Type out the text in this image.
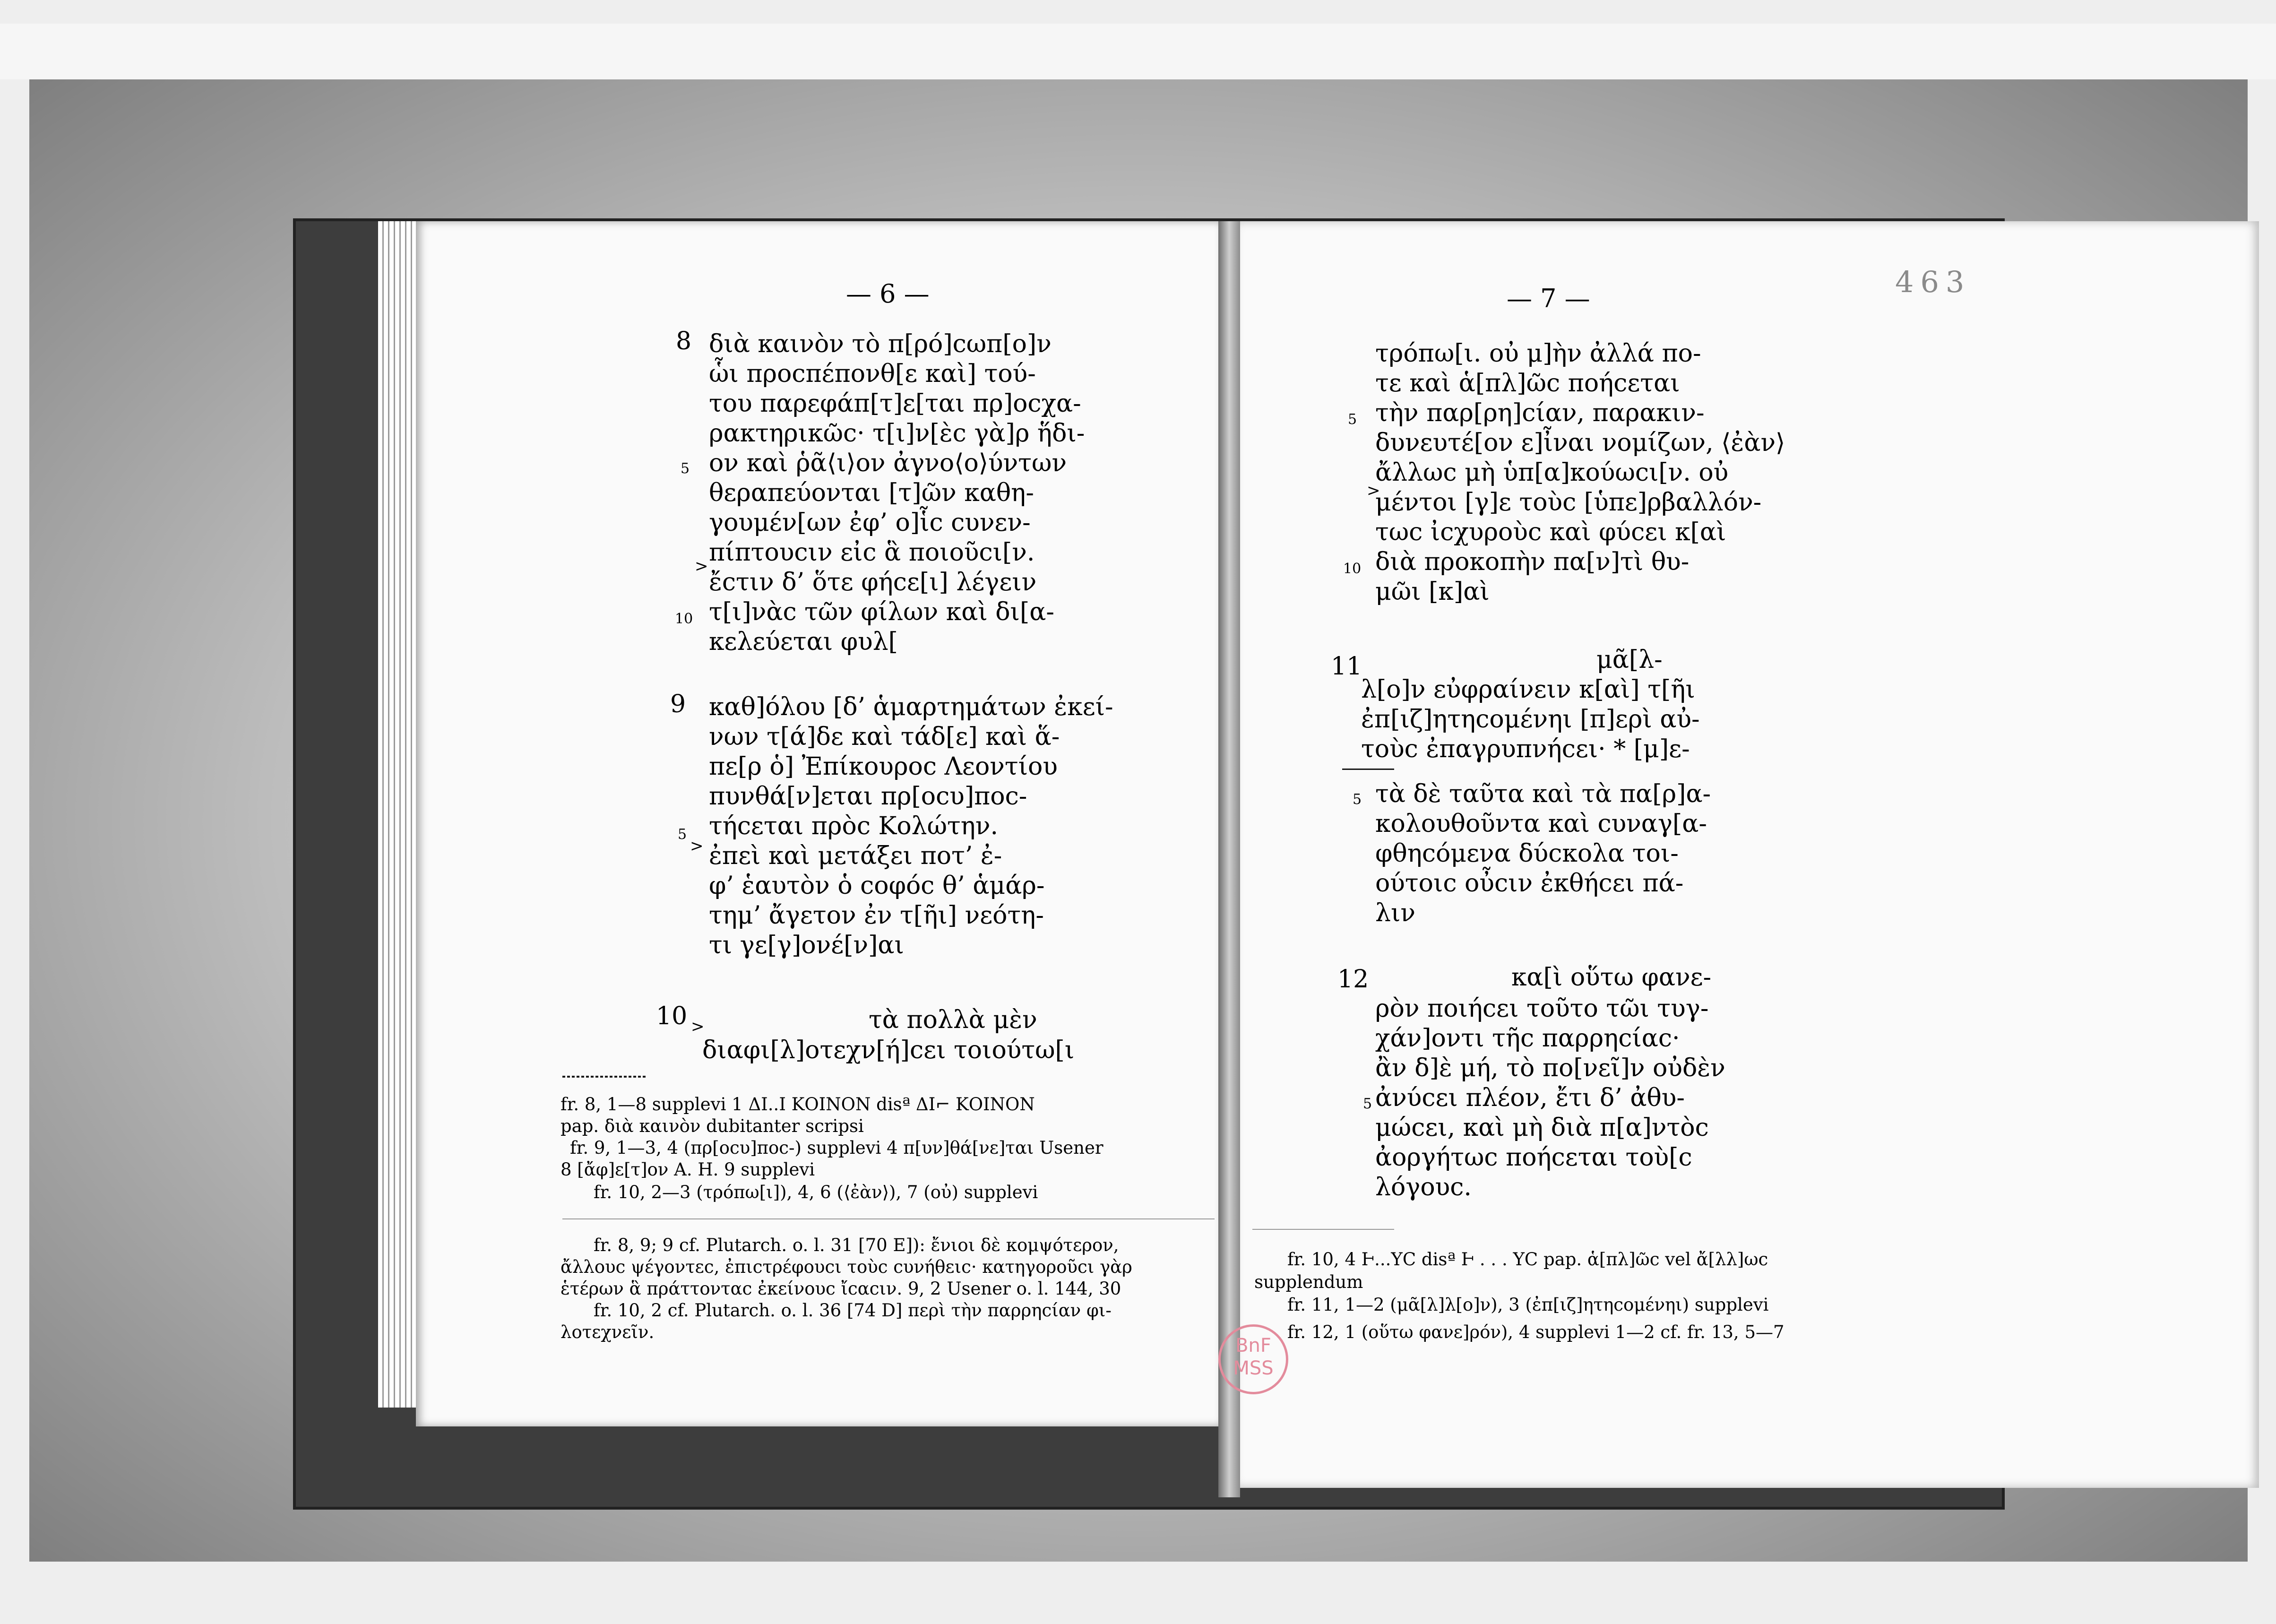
463
— 6 —
8 διὰ καινὸν τὸ π[ρό]cωπ[ο]ν
ὧι προcπέπονθ[ε καὶ] τού-
του παρεφάπ[τ]ε[ται πρ]οcχα-
ρακτηρικῶc· τ[ι]ν[ὲc γὰ]ρ ἥδι-
5 ον καὶ ῥᾶ⟨ι⟩ον ἀγνο⟨ο⟩ύντων
θεραπεύονται [τ]ῶν καθη-
γουμέν[ων ἐφ’ ο]ἷc cυνεν-
> πίπτουcιν εἰc ἃ ποιοῦcι[ν.
ἔcτιν δ’ ὅτε φήcε[ι] λέγειν
10 τ[ι]νὰc τῶν φίλων καὶ δι[α-
κελεύεται φυλ[
9 καθ]όλου [δ’ ἁμαρτημάτων ἐκεί-
νων τ[ά]δε καὶ τάδ[ε] καὶ ἅ-
πε[ρ ὁ] Ἐπίκουροc Λεοντίου
πυνθά[ν]εται πρ[οcυ]ποc-
5
>
τήcεται πρὸc Κολώτην.
ἐπεὶ καὶ μετάξει ποτ’ ἐ-
φ’ ἑαυτὸν ὁ cοφόc θ’ ἁμάρ-
τημ’ ἄγετον ἐν τ[ῆι] νεότη-
τι γε[γ]ονέ[ν]αι
10 >	τὰ πολλὰ μὲν
διαφι[λ]οτεχν[ή]cει τοιούτω[ι
fr. 8, 1—8 supplevi 1 ΔΙ..Ι ΚΟΙΝΟΝ disª ΔΙ⌐ ΚΟΙΝΟΝ
pap. διὰ καινὸν dubitanter scripsi
fr. 9, 1—3, 4 (πρ[οcυ]ποc-) supplevi 4 π[υν]θά[νε]ται Usener
8 [ἄφ]ε[τ]ον A. H. 9 supplevi
fr. 10, 2—3 (τρόπω[ι]), 4, 6 (⟨ἐὰν⟩), 7 (οὐ) supplevi
fr. 8, 9; 9 cf. Plutarch. o. l. 31 [70 E]): ἔνιοι δὲ κομψότερον,
ἄλλουc ψέγοντεc, ἐπιcτρέφουcι τοὺc cυνήθειc· κατηγοροῦcι γὰρ
ἑτέρων ἃ πράττονταc ἐκείνουc ἴcαcιν. 9, 2 Usener o. l. 144, 30
fr. 10, 2 cf. Plutarch. o. l. 36 [74 D] περὶ τὴν παρρηcίαν φι-
λοτεχνεῖν.
— 7 —
τρόπω[ι. οὐ μ]ὴν ἀλλά πο-
τε καὶ ἁ[πλ]ῶc ποήcεται
5 τὴν παρ[ρη]cίαν, παρακιν-
δυνευτέ[ον ε]ἶναι νομίζων, ⟨ἐὰν⟩
ἄλλωc μὴ ὑπ[α]κούωcι[ν. οὐ
>
μέντοι [γ]ε τοὺc [ὑπε]ρβαλλόν-
τωc ἰcχυροὺc καὶ φύcει κ[αὶ
10 διὰ προκοπὴν πα[ν]τὶ θυ-
μῶι [κ]αὶ
11	μᾶ[λ-
λ[ο]ν εὐφραίνειν κ[αὶ] τ[ῆι
ἐπ[ιζ]ητηcομένηι [π]ερὶ αὐ-
τοὺc ἐπαγρυπνήcει· * [μ]ε-
5 τὰ δὲ ταῦτα καὶ τὰ πα[ρ]α-
κολουθοῦντα καὶ cυναγ[α-
φθηcόμενα δύcκολα τοι-
ούτοιc οὖcιν ἐκθήcει πά-
λιν
12	κα[ὶ οὕτω φανε-
ρὸν ποιήcει τοῦτο τῶι τυγ-
χάν]οντι τῆc παρρηcίαc·
ἂν δ]ὲ μή, τὸ πο[νεῖ]ν οὐδὲν
5 ἀνύcει πλέον, ἔτι δ’ ἀθυ-
μώcει, καὶ μὴ διὰ π[α]ντὸc
ἀοργήτωc ποήcεται τοὺ[c
λόγουc.
fr. 10, 4 Ͱ...ΥC disª Ͱ . . . ΥC pap. ἁ[πλ]ῶc vel ἄ[λλ]ωc
supplendum
fr. 11, 1—2 (μᾶ[λ]λ[ο]ν), 3 (ἐπ[ιζ]ητηcομένηι) supplevi
fr. 12, 1 (οὕτω φανε]ρόν), 4 supplevi 1—2 cf. fr. 13, 5—7
BnF
MSS
